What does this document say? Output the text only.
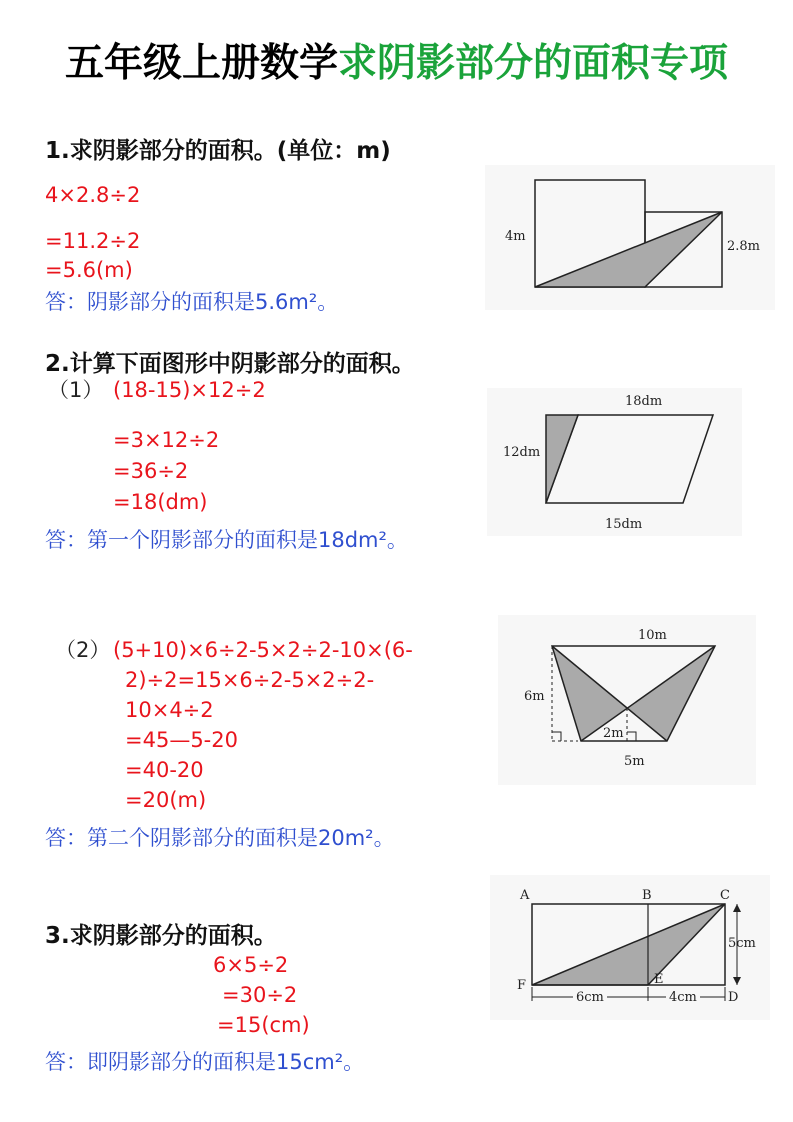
五年级上册数学求阴影部分的面积专项
1.求阴影部分的面积。(单位：m)
4×2.8÷2
=11.2÷2
=5.6(m)
答：阴影部分的面积是5.6m²。
4m
2.8m
2.计算下面图形中阴影部分的面积。
（1） (18-15)×12÷2
=3×12÷2
=36÷2
=18(dm)
答：第一个阴影部分的面积是18dm²。
18dm
12dm
15dm
（2） (5+10)×6÷2-5×2÷2-10×(6-
2)÷2=15×6÷2-5×2÷2-
10×4÷2
=45—5-20
=40-20
=20(m)
答：第二个阴影部分的面积是20m²。
10m
6m
2m
5m
3.求阴影部分的面积。
6×5÷2
=30÷2
=15(cm)
答：即阴影部分的面积是15cm²。
A	B	C
D
E
F
5cm
6cm	4cm
